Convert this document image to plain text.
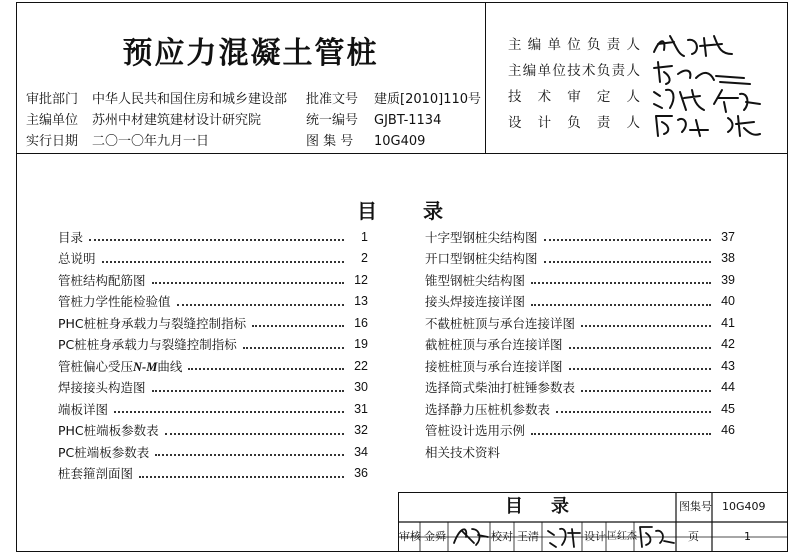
预应力混凝土管桩
审批部门 中华人民共和国住房和城乡建设部 批准文号 建质[2010]110号
主编单位 苏州中材建筑建材设计研究院	统一编号 GJBT-1134
实行日期 二〇一〇年九月一日	图 集 号 10G409
主编单位负责人
主编单位技术负责人
技术审定人
设计负责人
目录
目录	1
总说明	2
管桩结构配筋图	12
管桩力学性能检验值	13
PHC桩桩身承载力与裂缝控制指标	16
PC桩桩身承载力与裂缝控制指标	19
管桩偏心受压N-M曲线	22
焊接接头构造图	30
端板详图	31
PHC桩端板参数表	32
PC桩端板参数表	34
桩套箍剖面图	36
十字型钢桩尖结构图	37
开口型钢桩尖结构图	38
锥型钢桩尖结构图	39
接头焊接连接详图	40
不截桩桩顶与承台连接详图	41
截桩桩顶与承台连接详图	42
接桩桩顶与承台连接详图	43
选择筒式柴油打桩锤参数表	44
选择静力压桩机参数表	45
管桩设计选用示例	46
相关技术资料
目录	图集号 10G409
审核 金舜	校对 王清	设计 匡红杰	页	1
